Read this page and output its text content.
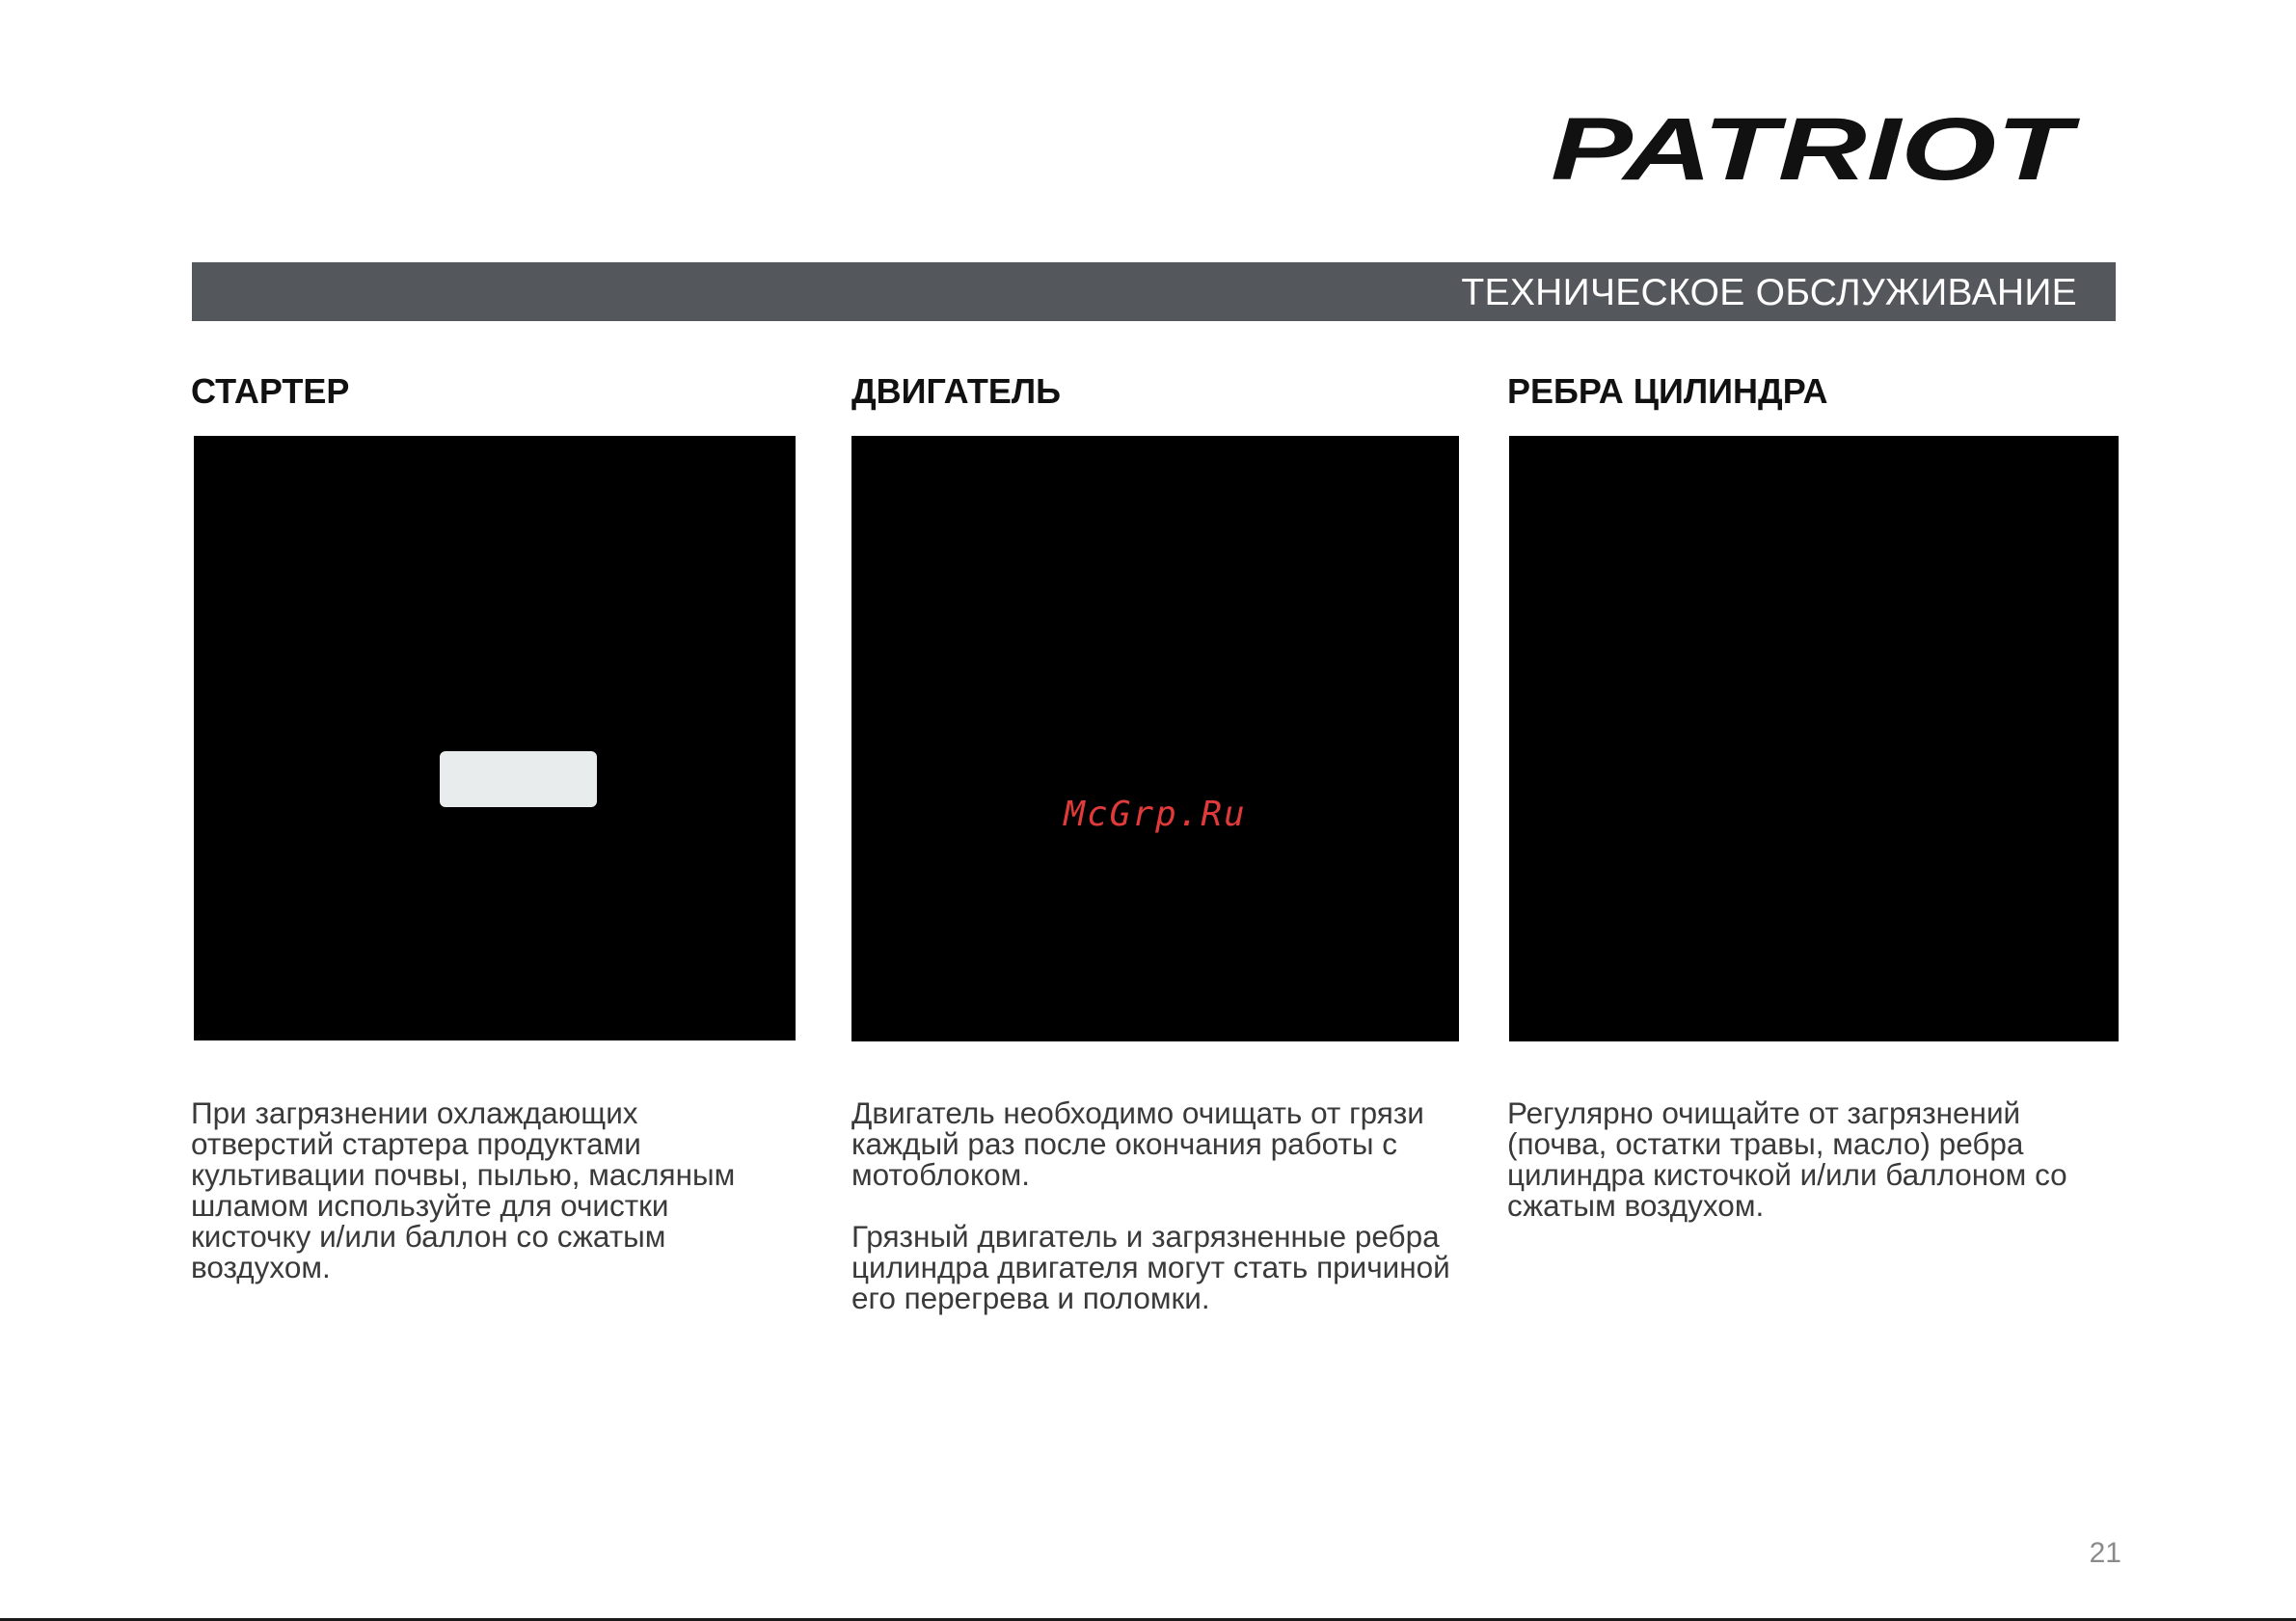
PATRIOT
ТЕХНИЧЕСКОЕ ОБСЛУЖИВАНИЕ
СТАРТЕР

При загрязнении охлаждающих
отверстий стартера продуктами
культивации почвы, пылью, масляным
шламом используйте для очистки
кисточку и/или баллон со сжатым
воздухом.

ДВИГАТЕЛЬ
McGrp.Ru

Двигатель необходимо очищать от грязи
каждый раз после окончания работы с
мотоблоком.

Грязный двигатель и загрязненные ребра
цилиндра двигателя могут стать причиной
его перегрева и поломки.

РЕБРА ЦИЛИНДРА

Регулярно очищайте от загрязнений
(почва, остатки травы, масло) ребра
цилиндра кисточкой и/или баллоном со
сжатым воздухом.

21
